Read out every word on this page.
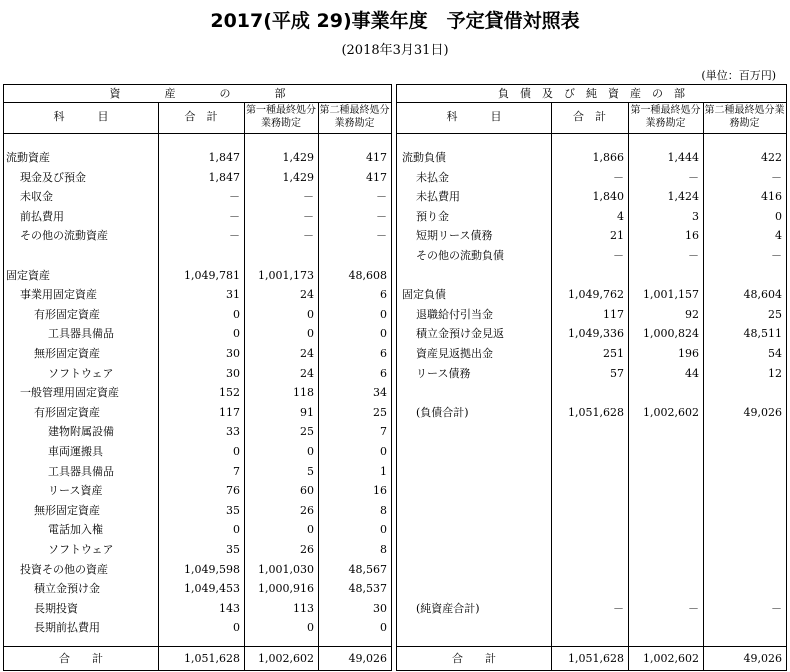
2017(平成 29)事業年度　予定貸借対照表
(2018年3月31日)
(単位：百万円)
資　　　　産　　　　の　　　　部
科　　　目	合　計	第一種最終処分業務勘定
第二種最終処分業務勘定
流動資産	1,847	1,429	417
現金及び預金	1,847	1,429	417
未収金	－	－	－
前払費用	－	－	－
その他の流動資産	－	－	－
固定資産	1,049,781	1,001,173	48,608
事業用固定資産	31	24	6
有形固定資産	0	0	0
工具器具備品	0	0	0
無形固定資産	30	24	6
ソフトウェア	30	24	6
一般管理用固定資産	152	118	34
有形固定資産	117	91	25
建物附属設備	33	25	7
車両運搬具	0	0	0
工具器具備品	7	5	1
リース資産	76	60	16
無形固定資産	35	26	8
電話加入権	0	0	0
ソフトウェア	35	26	8
投資その他の資産	1,049,598	1,001,030	48,567
積立金預け金	1,049,453	1,000,916	48,537
長期投資	143	113	30
長期前払費用	0	0	0
合　　計	1,051,628	1,002,602	49,026
負　債　及　び　純　資　産　の　部
科　　　目	合　計	第一種最終処分業務勘定
第二種最終処分業務勘定
流動負債	1,866	1,444	422
未払金	－	－	－
未払費用	1,840	1,424	416
預り金	4	3	0
短期リース債務	21	16	4
その他の流動負債	－	－	－
固定負債	1,049,762	1,001,157	48,604
退職給付引当金	117	92	25
積立金預け金見返	1,049,336	1,000,824	48,511
資産見返拠出金	251	196	54
リース債務	57	44	12
(負債合計)	1,051,628	1,002,602	49,026
(純資産合計)	－	－	－
合　　計	1,051,628	1,002,602	49,026
